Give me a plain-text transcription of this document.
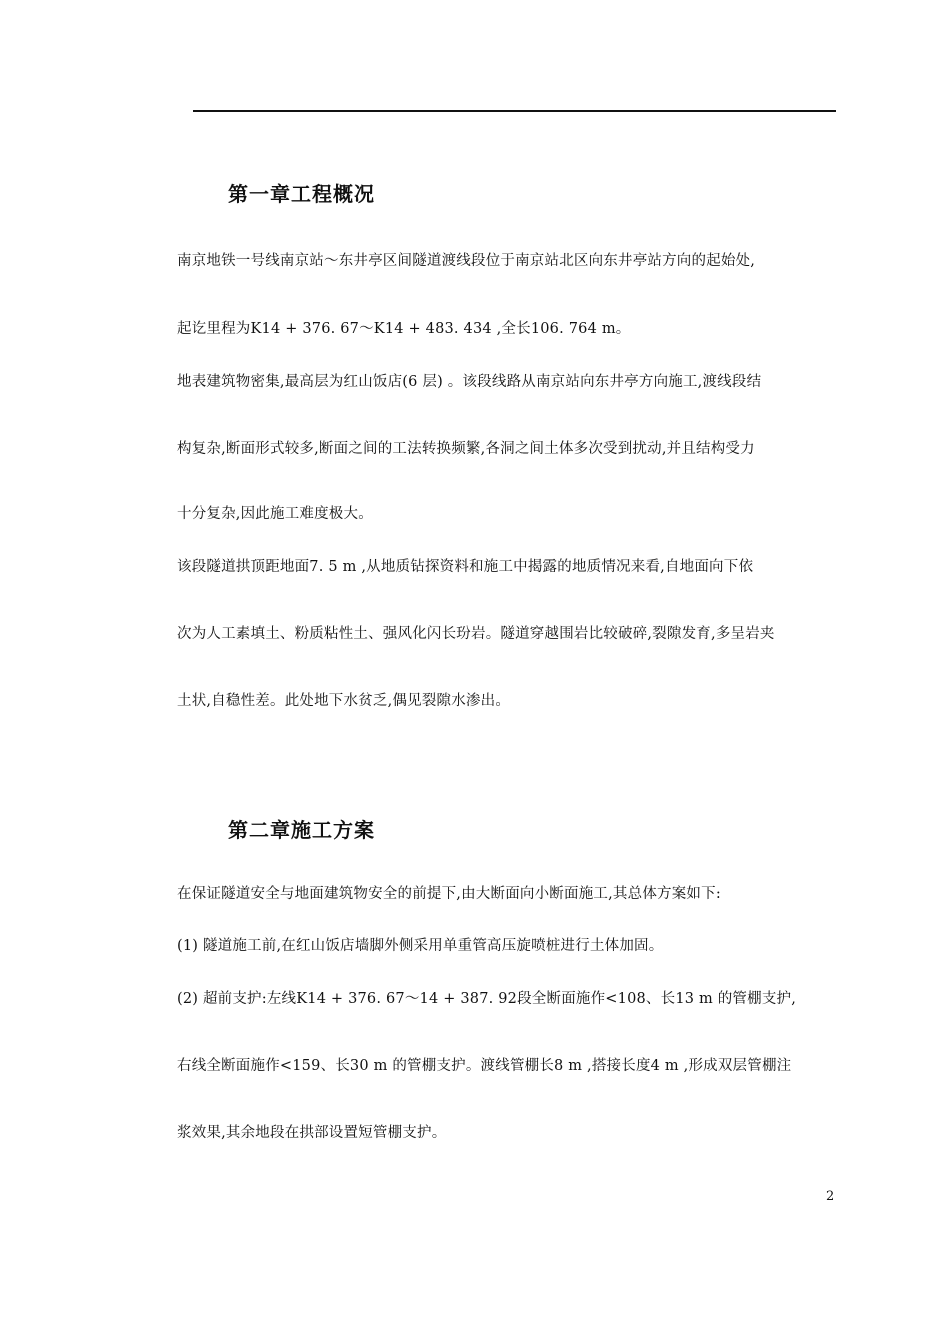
第一章工程概况
南京地铁一号线南京站～东井亭区间隧道渡线段位于南京站北区向东井亭站方向的起始处,
起讫里程为K14 + 376. 67～K14 + 483. 434 ,全长106. 764 m。
地表建筑物密集,最高层为红山饭店(6 层) 。该段线路从南京站向东井亭方向施工,渡线段结
构复杂,断面形式较多,断面之间的工法转换频繁,各洞之间土体多次受到扰动,并且结构受力
十分复杂,因此施工难度极大。
该段隧道拱顶距地面7. 5 m ,从地质钻探资料和施工中揭露的地质情况来看,自地面向下依
次为人工素填土、粉质粘性土、强风化闪长玢岩。隧道穿越围岩比较破碎,裂隙发育,多呈岩夹
土状,自稳性差。此处地下水贫乏,偶见裂隙水渗出。
第二章施工方案
在保证隧道安全与地面建筑物安全的前提下,由大断面向小断面施工,其总体方案如下:
(1) 隧道施工前,在红山饭店墙脚外侧采用单重管高压旋喷桩进行土体加固。
(2) 超前支护:左线K14 + 376. 67～14 + 387. 92段全断面施作<108、长13 m 的管棚支护,
右线全断面施作<159、长30 m 的管棚支护。渡线管棚长8 m ,搭接长度4 m ,形成双层管棚注
浆效果,其余地段在拱部设置短管棚支护。
2
